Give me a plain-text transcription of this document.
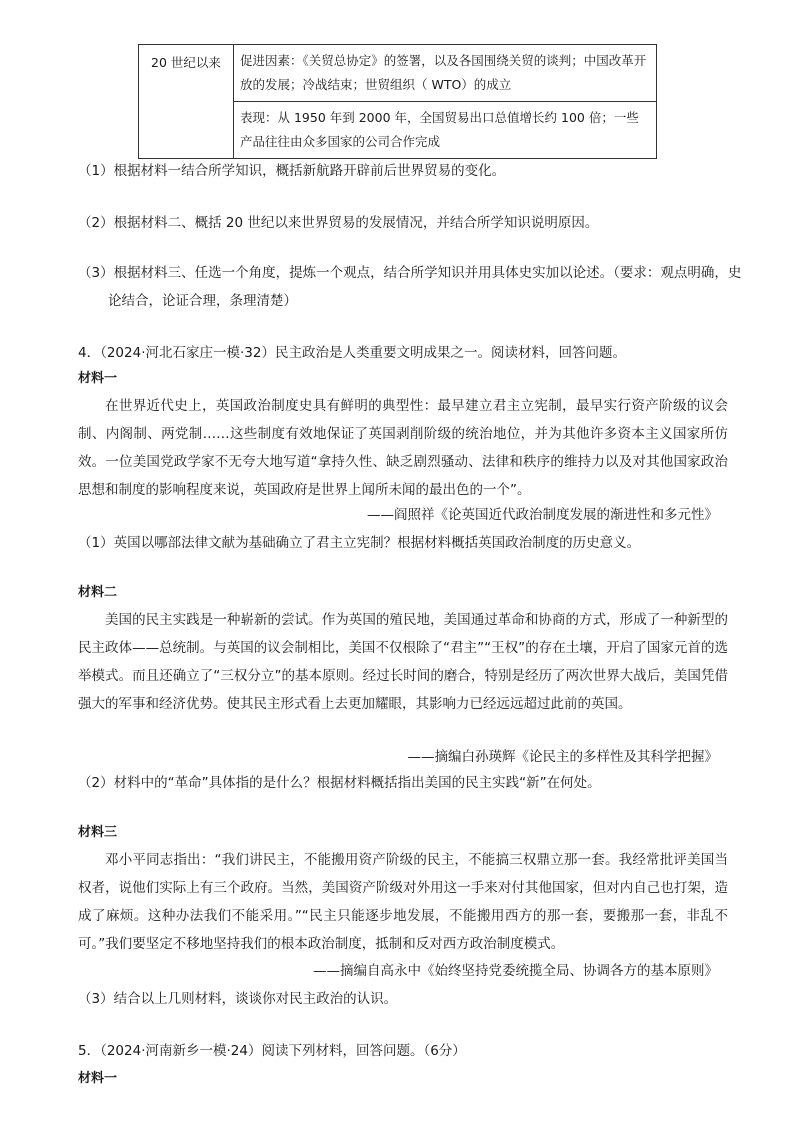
20 世纪以来	促进因素：《关贸总协定》的签署，以及各国围绕关贸的谈判；中国改革开放的发展；冷战结束；世贸组织（ WTO）的成立
表现：从 1950 年到 2000 年，全国贸易出口总值增长约 100 倍；一些产品往往由众多国家的公司合作完成
（1）根据材料一结合所学知识，概括新航路开辟前后世界贸易的变化。
（2）根据材料二、概括 20 世纪以来世界贸易的发展情况，并结合所学知识说明原因。
（3）根据材料三、任选一个角度，提炼一个观点，结合所学知识并用具体史实加以论述。（要求：观点明确，史论结合，论证合理，条理清楚）
4．（2024·河北石家庄一模·32）民主政治是人类重要文明成果之一。阅读材料，回答问题。
材料一
在世界近代史上，英国政治制度史具有鲜明的典型性：最早建立君主立宪制，最早实行资产阶级的议会制、内阁制、两党制……这些制度有效地保证了英国剥削阶级的统治地位，并为其他许多资本主义国家所仿效。一位美国党政学家不无夸大地写道“拿持久性、缺乏剧烈骚动、法律和秩序的维持力以及对其他国家政治思想和制度的影响程度来说，英国政府是世界上闻所未闻的最出色的一个”。
——阎照祥《论英国近代政治制度发展的渐进性和多元性》
（1）英国以哪部法律文献为基础确立了君主立宪制？根据材料概括英国政治制度的历史意义。
材料二
美国的民主实践是一种崭新的尝试。作为英国的殖民地，美国通过革命和协商的方式，形成了一种新型的民主政体——总统制。与英国的议会制相比，美国不仅根除了“君主”“王权”的存在土壤，开启了国家元首的选举模式。而且还确立了“三权分立”的基本原则。经过长时间的磨合，特别是经历了两次世界大战后，美国凭借强大的军事和经济优势。使其民主形式看上去更加耀眼，其影响力已经远远超过此前的英国。
——摘编白孙瑛辉《论民主的多样性及其科学把握》
（2）材料中的“革命”具体指的是什么？根据材料概括指出美国的民主实践“新”在何处。
材料三
邓小平同志指出：“我们讲民主，不能搬用资产阶级的民主，不能搞三权鼎立那一套。我经常批评美国当权者，说他们实际上有三个政府。当然，美国资产阶级对外用这一手来对付其他国家，但对内自己也打架，造成了麻烦。这种办法我们不能采用。”“民主只能逐步地发展，不能搬用西方的那一套，要搬那一套，非乱不可。”我们要坚定不移地坚持我们的根本政治制度，抵制和反对西方政治制度模式。
——摘编自高永中《始终坚持党委统揽全局、协调各方的基本原则》
（3）结合以上几则材料，谈谈你对民主政治的认识。
5．（2024·河南新乡一模·24）阅读下列材料，回答问题。（6分）
材料一
